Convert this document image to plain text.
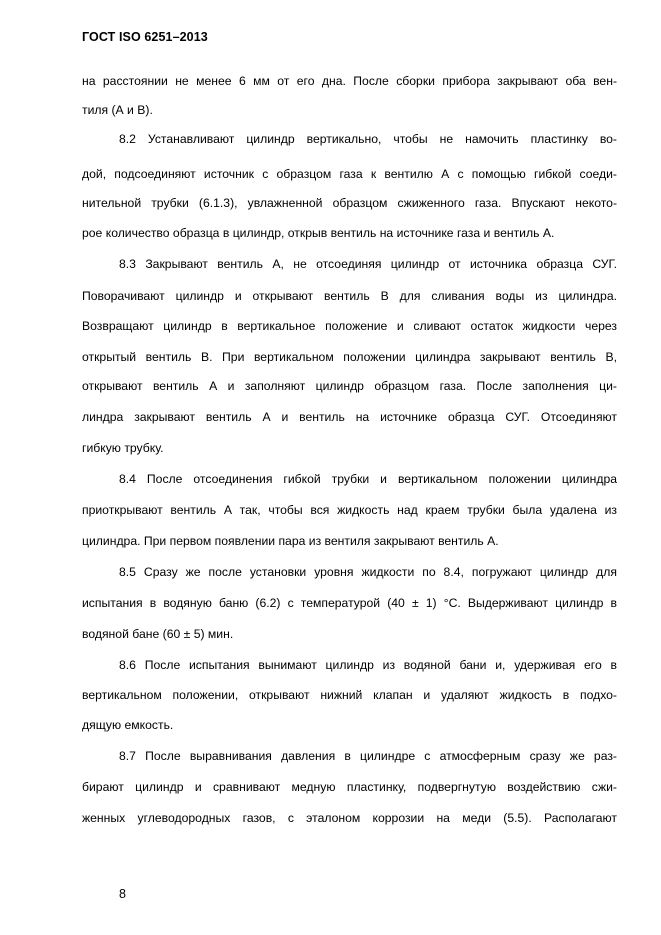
ГОСТ ISO 6251–2013
на расстоянии не менее 6 мм от его дна. После сборки прибора закрывают оба вен-
тиля (А и В).
8.2 Устанавливают цилиндр вертикально, чтобы не намочить пластинку во-
дой, подсоединяют источник с образцом газа к вентилю А с помощью гибкой соеди-
нительной трубки (6.1.3), увлажненной образцом сжиженного газа. Впускают некото-
рое количество образца в цилиндр, открыв вентиль на источнике газа и вентиль А.
8.3 Закрывают вентиль А, не отсоединяя цилиндр от источника образца СУГ.
Поворачивают цилиндр и открывают вентиль В для сливания воды из цилиндра.
Возвращают цилиндр в вертикальное положение и сливают остаток жидкости через
открытый вентиль В. При вертикальном положении цилиндра закрывают вентиль В,
открывают вентиль А и заполняют цилиндр образцом газа. После заполнения ци-
линдра закрывают вентиль А и вентиль на источнике образца СУГ. Отсоединяют
гибкую трубку.
8.4 После отсоединения гибкой трубки и вертикальном положении цилиндра
приоткрывают вентиль А так, чтобы вся жидкость над краем трубки была удалена из
цилиндра. При первом появлении пара из вентиля закрывают вентиль А.
8.5 Сразу же после установки уровня жидкости по 8.4, погружают цилиндр для
испытания в водяную баню (6.2) с температурой (40 ± 1) °С. Выдерживают цилиндр в
водяной бане (60 ± 5) мин.
8.6 После испытания вынимают цилиндр из водяной бани и, удерживая его в
вертикальном положении, открывают нижний клапан и удаляют жидкость в подхо-
дящую емкость.
8.7 После выравнивания давления в цилиндре с атмосферным сразу же раз-
бирают цилиндр и сравнивают медную пластинку, подвергнутую воздействию сжи-
женных углеводородных газов, с эталоном коррозии на меди (5.5). Располагают
8
